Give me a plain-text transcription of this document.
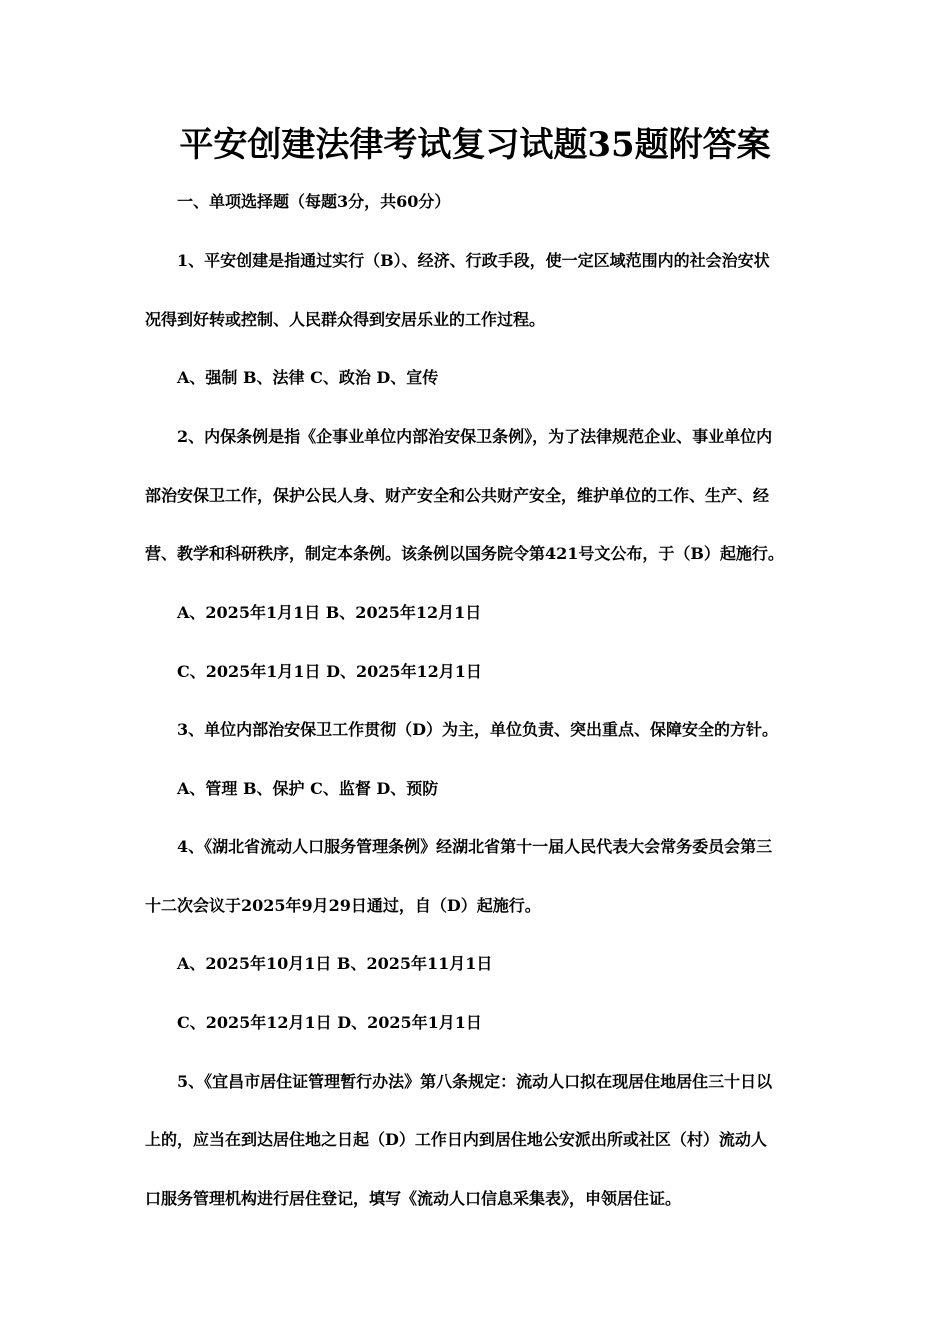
平安创建法律考试复习试题35题附答案
一、单项选择题（每题3分，共60分）
1、平安创建是指通过实行（B）、经济、行政手段，使一定区域范围内的社会治安状
况得到好转或控制、人民群众得到安居乐业的工作过程。
A、强制 B、法律 C、政治 D、宣传
2、内保条例是指《企事业单位内部治安保卫条例》，为了法律规范企业、事业单位内
部治安保卫工作，保护公民人身、财产安全和公共财产安全，维护单位的工作、生产、经
营、教学和科研秩序，制定本条例。该条例以国务院令第421号文公布，于（B）起施行。
A、2025年1月1日 B、2025年12月1日
C、2025年1月1日 D、2025年12月1日
3、单位内部治安保卫工作贯彻（D）为主，单位负责、突出重点、保障安全的方针。
A、管理 B、保护 C、监督 D、预防
4、《湖北省流动人口服务管理条例》经湖北省第十一届人民代表大会常务委员会第三
十二次会议于2025年9月29日通过，自（D）起施行。
A、2025年10月1日 B、2025年11月1日
C、2025年12月1日 D、2025年1月1日
5、《宜昌市居住证管理暂行办法》第八条规定：流动人口拟在现居住地居住三十日以
上的，应当在到达居住地之日起（D）工作日内到居住地公安派出所或社区（村）流动人
口服务管理机构进行居住登记，填写《流动人口信息采集表》，申领居住证。
